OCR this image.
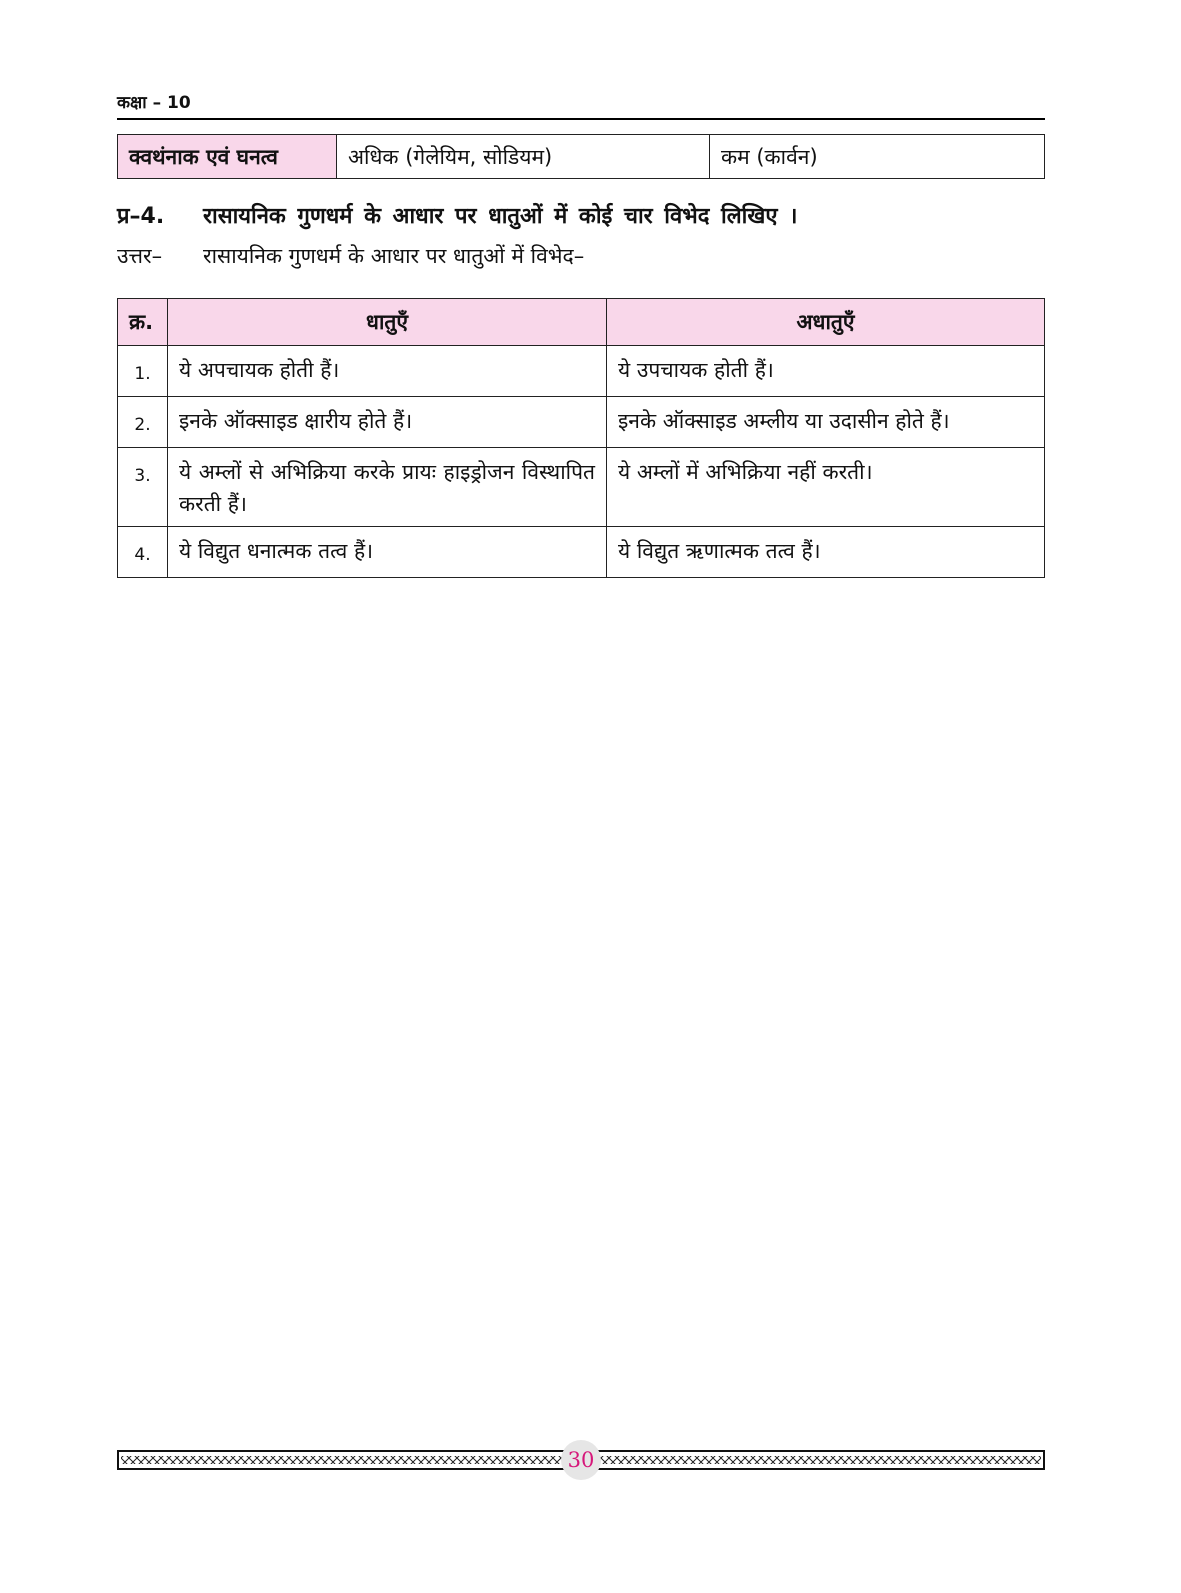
कक्षा – 10
क्वथंनाक एवं घनत्व	अधिक (गेलेयिम, सोडियम)	कम (कार्वन)
प्र–4. रासायनिक गुणधर्म के आधार पर धातुओं में कोई चार विभेद लिखिए ।
उत्तर– रासायनिक गुणधर्म के आधार पर धातुओं में विभेद–
क्र.	धातुएँ	अधातुएँ
1.	ये अपचायक होती हैं।	ये उपचायक होती हैं।
2.	इनके ऑक्साइड क्षारीय होते हैं।	इनके ऑक्साइड अम्लीय या उदासीन होते हैं।
3.	ये अम्लों से अभिक्रिया करके प्रायः हाइड्रोजन विस्थापित करती हैं।	ये अम्लों में अभिक्रिया नहीं करती।
4.	ये विद्युत धनात्मक तत्व हैं।	ये विद्युत ऋणात्मक तत्व हैं।
30
